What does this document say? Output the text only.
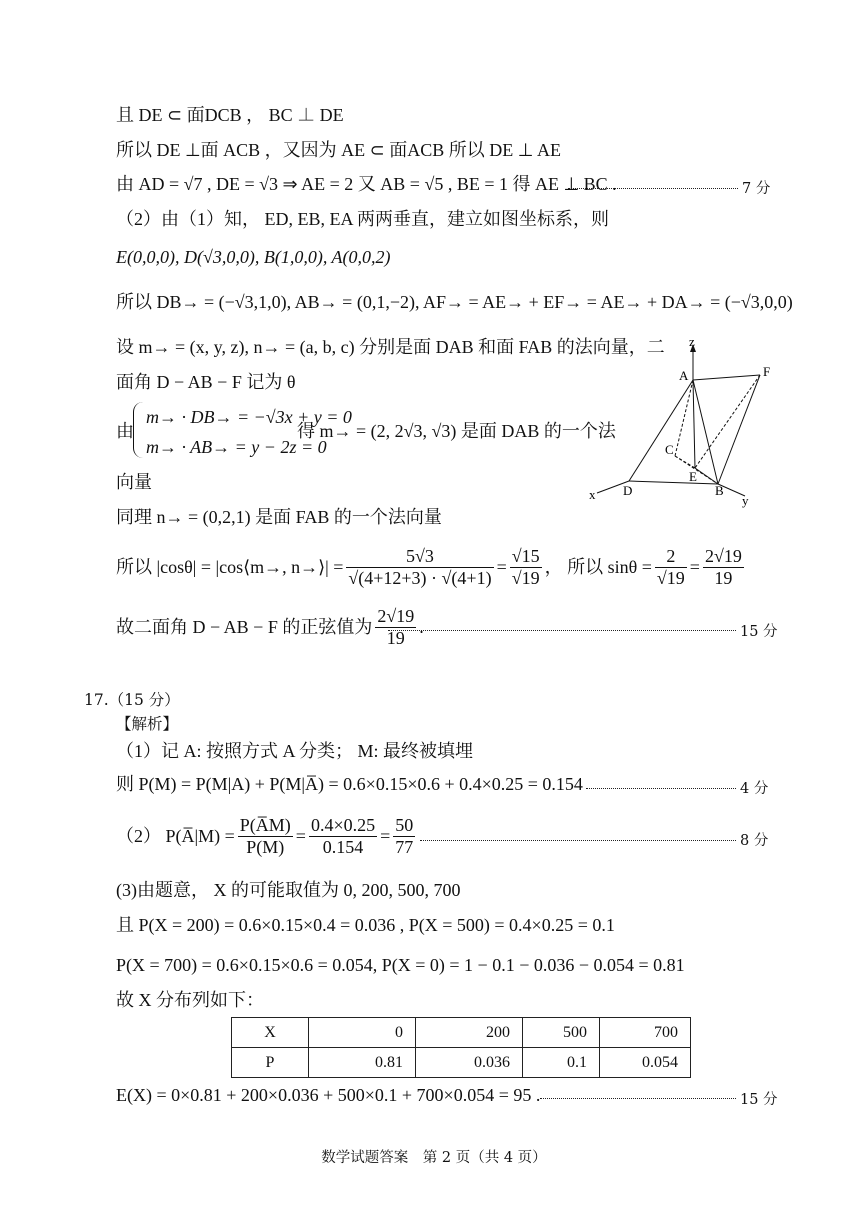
且 DE ⊂ 面DCB ， BC ⊥ DE
所以 DE ⊥面 ACB ，又因为 AE ⊂ 面ACB 所以 DE ⊥ AE
由 AD = √7 , DE = √3 ⇒ AE = 2 又 AB = √5 , BE = 1 得 AE ⊥ BC .	7 分
（2）由（1）知， ED, EB, EA 两两垂直，建立如图坐标系，则
E(0,0,0), D(√3,0,0), B(1,0,0), A(0,0,2)
所以 DB→ = (−√3,1,0), AB→ = (0,1,−2), AF→ = AE→ + EF→ = AE→ + DA→ = (−√3,0,0)
设 m→ = (x, y, z), n→ = (a, b, c) 分别是面 DAB 和面 FAB 的法向量，二
面角 D − AB − F 记为 θ
由
m→ · DB→ = −√3x + y = 0
m→ · AB→ = y − 2z = 0
得 m→ = (2, 2√3, √3) 是面 DAB 的一个法
向量
同理 n→ = (0,2,1) 是面 FAB 的一个法向量
所以 |cosθ| = |cos⟨m→, n→⟩| = $\frac{5√3}{√(4+12+3) \cdot √(4+1)} = \frac{√15}{√19}$ ， 所以 $\sin\theta = \frac{2}{√19} = \frac{2√19}{19}$
故二面角 D − AB − F 的正弦值为 $\frac{2√19}{19}$ .	15 分
z
A	F
C
E
D	B
x	y
17.（15 分）
【解析】
（1）记 A: 按照方式 A 分类； M: 最终被填埋
则 P(M) = P(M|A) + P(M|A̅) = 0.6×0.15×0.6 + 0.4×0.25 = 0.154	4 分
（2） P(A̅|M) = $\frac{P(A̅M)}{P(M)} = \frac{0.4\times 0.25}{0.154} = \frac{50}{77}$	8 分
(3)由题意， X 的可能取值为 0, 200, 500, 700
且 P(X = 200) = 0.6×0.15×0.4 = 0.036 , P(X = 500) = 0.4×0.25 = 0.1
P(X = 700) = 0.6×0.15×0.6 = 0.054, P(X = 0) = 1 − 0.1 − 0.036 − 0.054 = 0.81
故 X 分布列如下：
X	0	200	500	700
P	0.81	0.036	0.1	0.054
E(X) = 0×0.81 + 200×0.036 + 500×0.1 + 700×0.054 = 95 .	15 分
数学试题答案　第 2 页（共 4 页）
